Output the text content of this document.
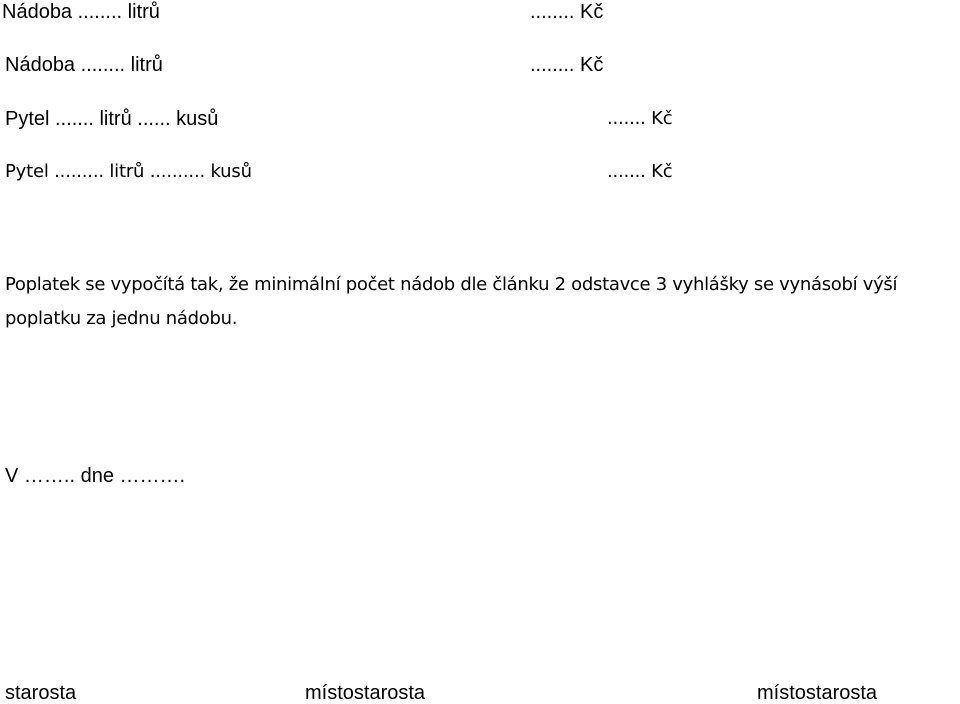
Nádoba ........ litrů	........ Kč
Nádoba ........ litrů	........ Kč
Pytel ....... litrů ...... kusů	....... Kč
Pytel ......... litrů .......... kusů	....... Kč
Poplatek se vypočítá tak, že minimální počet nádob dle článku 2 odstavce 3 vyhlášky se vynásobí výší poplatku za jednu nádobu.
V …….. dne ……….
starosta	místostarosta	místostarosta
